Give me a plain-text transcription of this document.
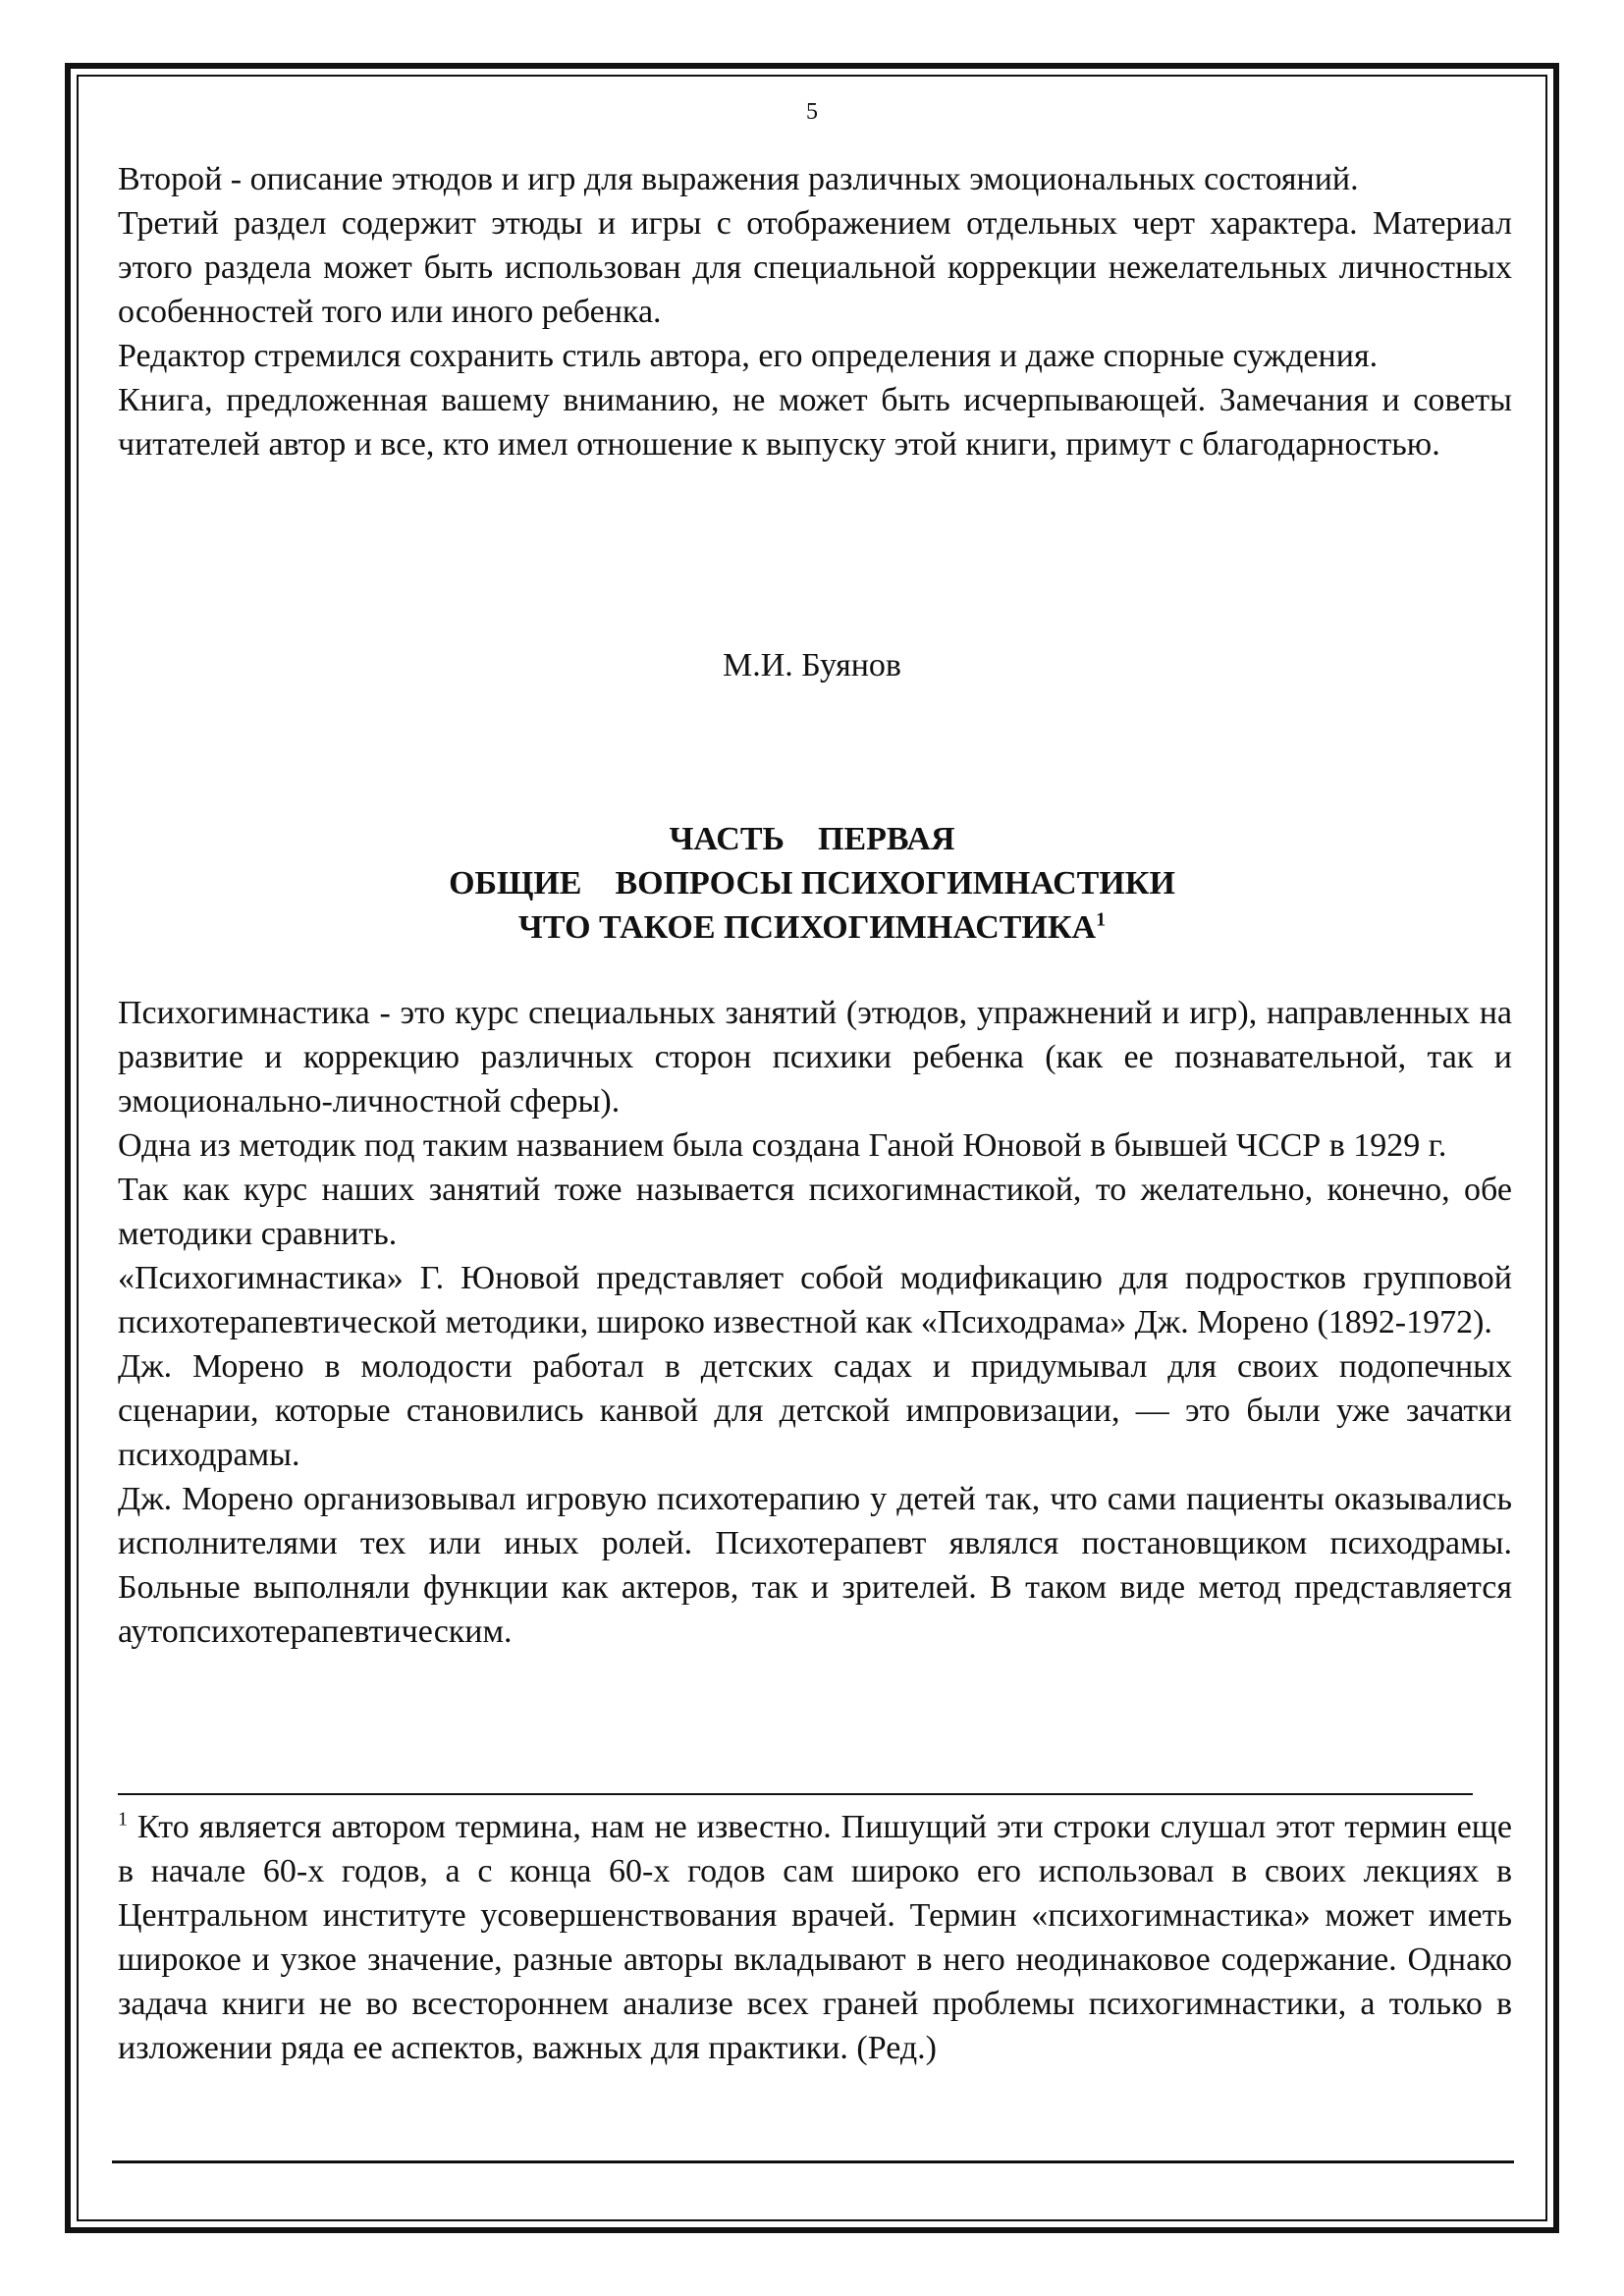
5

Второй - описание этюдов и игр для выражения различных эмоциональных состояний.

Третий раздел содержит этюды и игры с отображением отдельных черт характера. Материал этого раздела может быть использован для специальной коррекции нежелательных личностных особенностей того или иного ребенка.

Редактор стремился сохранить стиль автора, его определения и даже спорные суждения.

Книга, предложенная вашему вниманию, не может быть исчерпывающей. Замечания и советы читателей автор и все, кто имел отношение к выпуску этой книги, примут с благодарностью.

М.И. Буянов

ЧАСТЬ    ПЕРВАЯ

ОБЩИЕ    ВОПРОСЫ ПСИХОГИМНАСТИКИ

ЧТО ТАКОЕ ПСИХОГИМНАСТИКА$^1$

Психогимнастика - это курс специальных занятий (этюдов, упражнений и игр), направленных на развитие и коррекцию различных сторон психики ребенка (как ее познавательной, так и эмоционально-личностной сферы).

Одна из методик под таким названием была создана Ганой Юновой в бывшей ЧССР в 1929 г.

Так как курс наших занятий тоже называется психогимнастикой, то желательно, конечно, обе методики сравнить.

«Психогимнастика» Г. Юновой представляет собой модификацию для подростков групповой психотерапевтической методики, широко известной как «Психодрама» Дж. Морено (1892-1972).

Дж. Морено в молодости работал в детских садах и придумывал для своих подопечных сценарии, которые становились канвой для детской импровизации, — это были уже зачатки психодрамы.

Дж. Морено организовывал игровую психотерапию у детей так, что сами пациенты оказывались исполнителями тех или иных ролей. Психотерапевт являлся постановщиком психодрамы. Больные выполняли функции как актеров, так и зрителей. В таком виде метод представляется аутопсихотерапевтическим.

$^1$ Кто является автором термина, нам не известно. Пишущий эти строки слушал этот термин еще в начале 60-х годов, а с конца 60-х годов сам широко его использовал в своих лекциях в Центральном институте усовершенствования врачей. Термин «психогимнастика» может иметь широкое и узкое значение, разные авторы вкладывают в него неодинаковое содержание. Однако задача книги не во всестороннем анализе всех граней проблемы психогимнастики, а только в изложении ряда ее аспектов, важных для практики. (Ред.)
